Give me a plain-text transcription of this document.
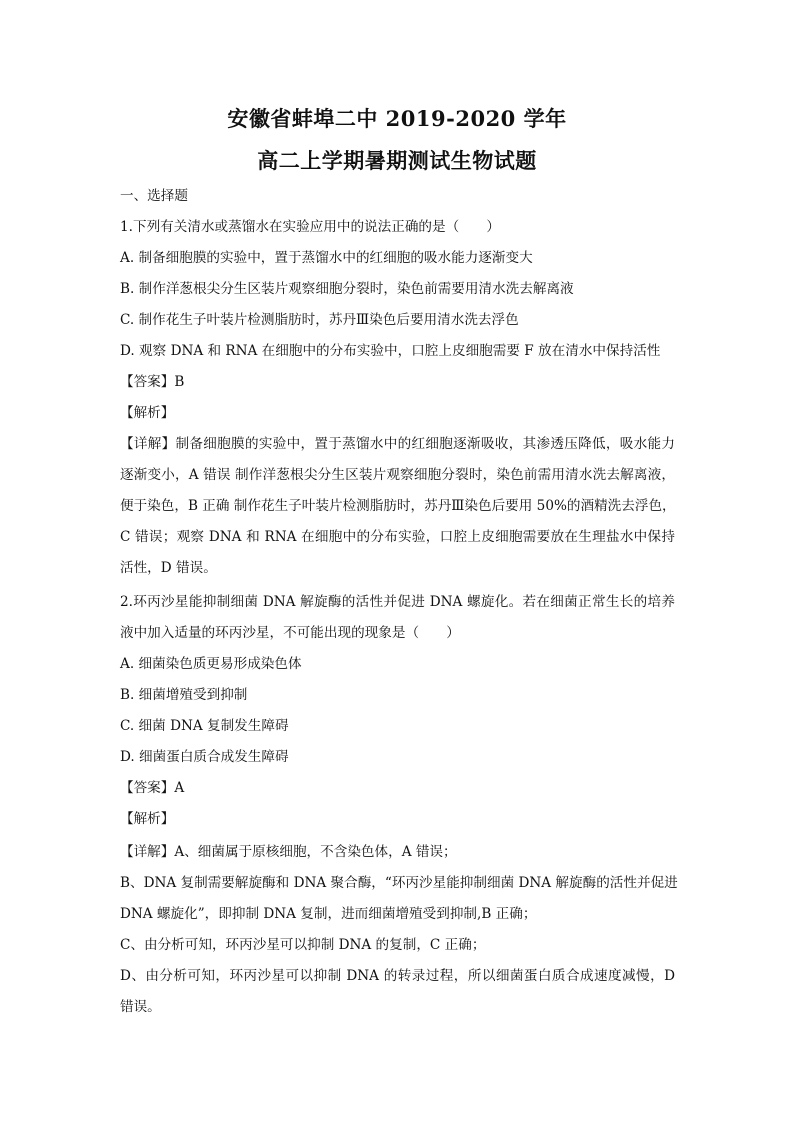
安徽省蚌埠二中 2019-2020 学年
高二上学期暑期测试生物试题
一、选择题
1.下列有关清水或蒸馏水在实验应用中的说法正确的是（　　）
A. 制备细胞膜的实验中，置于蒸馏水中的红细胞的吸水能力逐渐变大
B. 制作洋葱根尖分生区装片观察细胞分裂时，染色前需要用清水洗去解离液
C. 制作花生子叶装片检测脂肪时，苏丹Ⅲ染色后要用清水洗去浮色
D. 观察 DNA 和 RNA 在细胞中的分布实验中，口腔上皮细胞需要 F 放在清水中保持活性
【答案】B
【解析】
【详解】制备细胞膜的实验中，置于蒸馏水中的红细胞逐渐吸收，其渗透压降低，吸水能力
逐渐变小，A 错误 制作洋葱根尖分生区装片观察细胞分裂时，染色前需用清水洗去解离液，
便于染色，B 正确 制作花生子叶装片检测脂肪时，苏丹Ⅲ染色后要用 50%的酒精洗去浮色，
C 错误；观察 DNA 和 RNA 在细胞中的分布实验，口腔上皮细胞需要放在生理盐水中保持
活性，D 错误。
2.环丙沙星能抑制细菌 DNA 解旋酶的活性并促进 DNA 螺旋化。若在细菌正常生长的培养
液中加入适量的环丙沙星，不可能出现的现象是（　　）
A. 细菌染色质更易形成染色体
B. 细菌增殖受到抑制
C. 细菌 DNA 复制发生障碍
D. 细菌蛋白质合成发生障碍
【答案】A
【解析】
【详解】A、细菌属于原核细胞，不含染色体，A 错误；
B、DNA 复制需要解旋酶和 DNA 聚合酶，“环丙沙星能抑制细菌 DNA 解旋酶的活性并促进
DNA 螺旋化”，即抑制 DNA 复制，进而细菌增殖受到抑制,B 正确；
C、由分析可知，环丙沙星可以抑制 DNA 的复制，C 正确；
D、由分析可知，环丙沙星可以抑制 DNA 的转录过程，所以细菌蛋白质合成速度减慢，D
错误。
